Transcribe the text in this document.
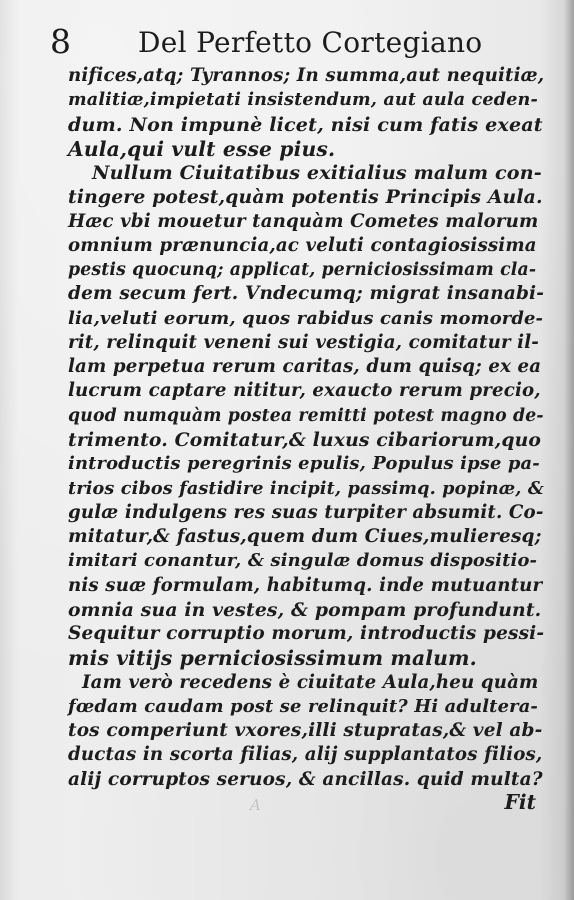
8 Del Perfetto Cortegiano
nifices,atq; Tyrannos; In summa,aut nequitiæ,
malitiæ,impietati insistendum, aut aula ceden-
dum. Non impunè licet, nisi cum fatis exeat
Aula,qui vult esse pius.
Nullum Ciuitatibus exitialius malum con-
tingere potest,quàm potentis Principis Aula.
Hæc vbi mouetur tanquàm Cometes malorum
omnium prænuncia,ac veluti contagiosissima
pestis quocunq; applicat, perniciosissimam cla-
dem secum fert. Vndecumq; migrat insanabi-
lia,veluti eorum, quos rabidus canis momorde-
rit, relinquit veneni sui vestigia, comitatur il-
lam perpetua rerum caritas, dum quisq; ex ea
lucrum captare nititur, exaucto rerum precio,
quod numquàm postea remitti potest magno de-
trimento. Comitatur,& luxus cibariorum,quo
introductis peregrinis epulis, Populus ipse pa-
trios cibos fastidire incipit, passimq. popinæ, &
gulæ indulgens res suas turpiter absumit. Co-
mitatur,& fastus,quem dum Ciues,mulieresq;
imitari conantur, & singulæ domus dispositio-
nis suæ formulam, habitumq. inde mutuantur
omnia sua in vestes, & pompam profundunt.
Sequitur corruptio morum, introductis pessi-
mis vitijs perniciosissimum malum.
Iam verò recedens è ciuitate Aula,heu quàm
fœdam caudam post se relinquit? Hi adultera-
tos comperiunt vxores,illi stupratas,& vel ab-
ductas in scorta filias, alij supplantatos filios,
alij corruptos seruos, & ancillas. quid multa?
A	Fit
